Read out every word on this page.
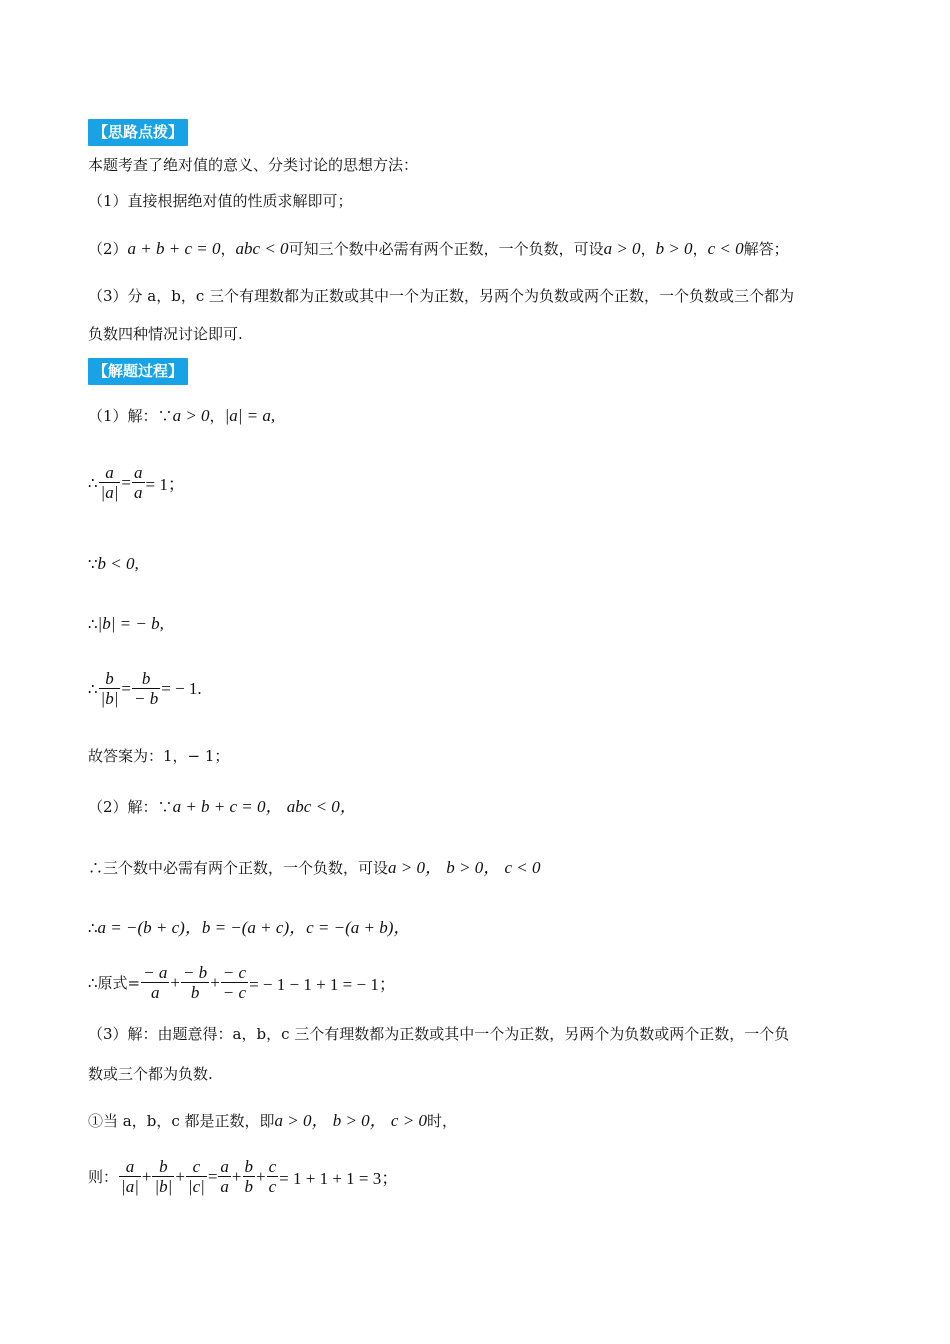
【思路点拨】
本题考查了绝对值的意义、分类讨论的思想方法：
（1）直接根据绝对值的性质求解即可；
（2）a + b + c = 0，abc < 0可知三个数中必需有两个正数，一个负数，可设a > 0，b > 0，c < 0解答；
（3）分 a，b，c 三个有理数都为正数或其中一个为正数，另两个为负数或两个正数，一个负数或三个都为
负数四种情况讨论即可.
【解题过程】
（1）解：∵a > 0，|a| = a,
∴ $\frac{a}{|a|} = \frac{a}{a} = 1$；
∵b < 0,
∴|b| = − b,
∴ $\frac{b}{|b|} = \frac{b}{- b}$ = − 1.
故答案为：1，− 1；
（2）解：∵a + b + c = 0， abc < 0，
∴三个数中必需有两个正数，一个负数，可设a > 0， b > 0， c < 0
∴a = −(b + c)，b = −(a + c)，c = −(a + b)，
∴ 原式= $\frac{- a}{a} + \frac{- b}{b} + \frac{- c}{- c}$ = − 1 − 1 + 1 = − 1；
（3）解：由题意得：a，b，c 三个有理数都为正数或其中一个为正数，另两个为负数或两个正数，一个负
数或三个都为负数.
①当 a，b，c 都是正数，即a > 0， b > 0， c > 0时，
则： $\frac{a}{|a|} + \frac{b}{|b|} + \frac{c}{|c|} = \frac{a}{a} + \frac{b}{b} + \frac{c}{c} = 1 + 1 + 1 = 3$；
